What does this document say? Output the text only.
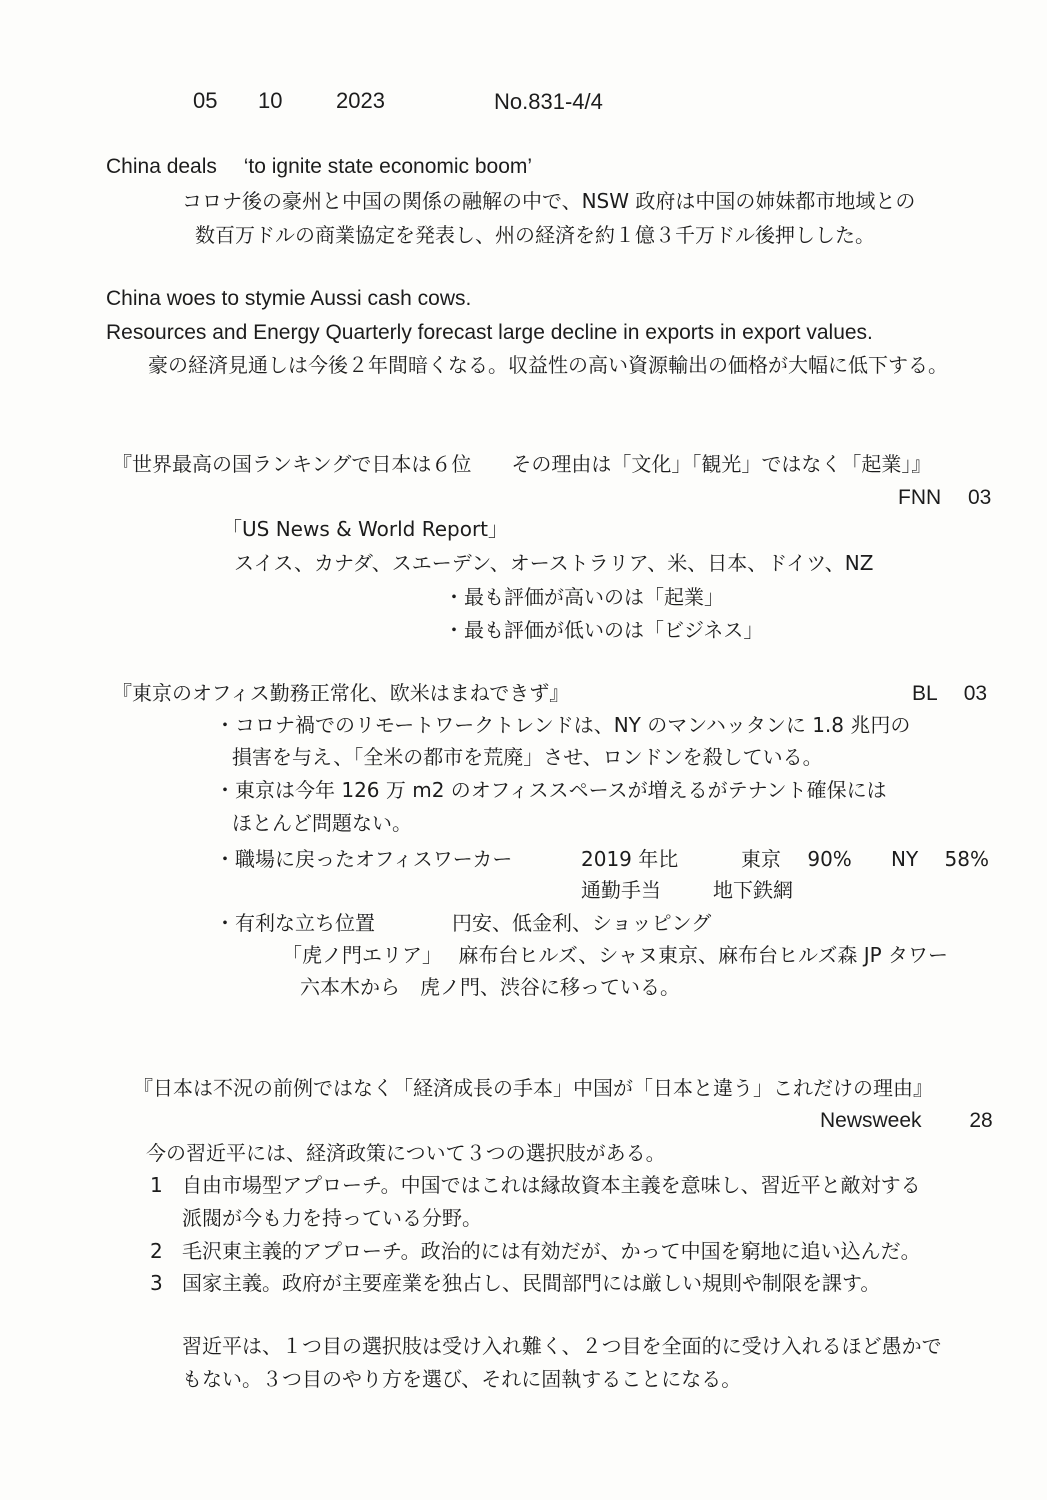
05 10 2023	No.831-4/4
China deals　 ‘to ignite state economic boom’
コロナ後の豪州と中国の関係の融解の中で、NSW 政府は中国の姉妹都市地域との
数百万ドルの商業協定を発表し、州の経済を約１億３千万ドル後押しした。
China woes to stymie Aussi cash cows.
Resources and Energy Quarterly forecast large decline in exports in export values.
豪の経済見通しは今後２年間暗くなる。収益性の高い資源輸出の価格が大幅に低下する。
『世界最高の国ランキングで日本は６位　　その理由は「文化」「観光」ではなく「起業」』
FNN　 03
「US News & World Report」
スイス、カナダ、スエーデン、オーストラリア、米、日本、ドイツ、NZ
・最も評価が高いのは「起業」
・最も評価が低いのは「ビジネス」
『東京のオフィス勤務正常化、欧米はまねできず』	BL　 03
・コロナ禍でのリモートワークトレンドは、NY のマンハッタンに 1.8 兆円の
損害を与え、「全米の都市を荒廃」させ、ロンドンを殺している。
・東京は今年 126 万 m2 のオフィススペースが増えるがテナント確保には
ほとんど問題ない。
・職場に戻ったオフィスワーカー	2019 年比	東京　 90% NY　 58%
通勤手当	地下鉄網
・有利な立ち位置	円安、低金利、ショッピング
「虎ノ門エリア」　 麻布台ヒルズ、シャヌ東京、麻布台ヒルズ森 JP タワー
六本木から　虎ノ門、渋谷に移っている。
『日本は不況の前例ではなく「経済成長の手本」中国が「日本と違う」これだけの理由』
Newsweek　　 28
今の習近平には、経済政策について３つの選択肢がある。
1 自由市場型アプローチ。中国ではこれは縁故資本主義を意味し、習近平と敵対する
派閥が今も力を持っている分野。
2 毛沢東主義的アプローチ。政治的には有効だが、かって中国を窮地に追い込んだ。
3 国家主義。政府が主要産業を独占し、民間部門には厳しい規則や制限を課す。
習近平は、１つ目の選択肢は受け入れ難く、２つ目を全面的に受け入れるほど愚かで
もない。３つ目のやり方を選び、それに固執することになる。
